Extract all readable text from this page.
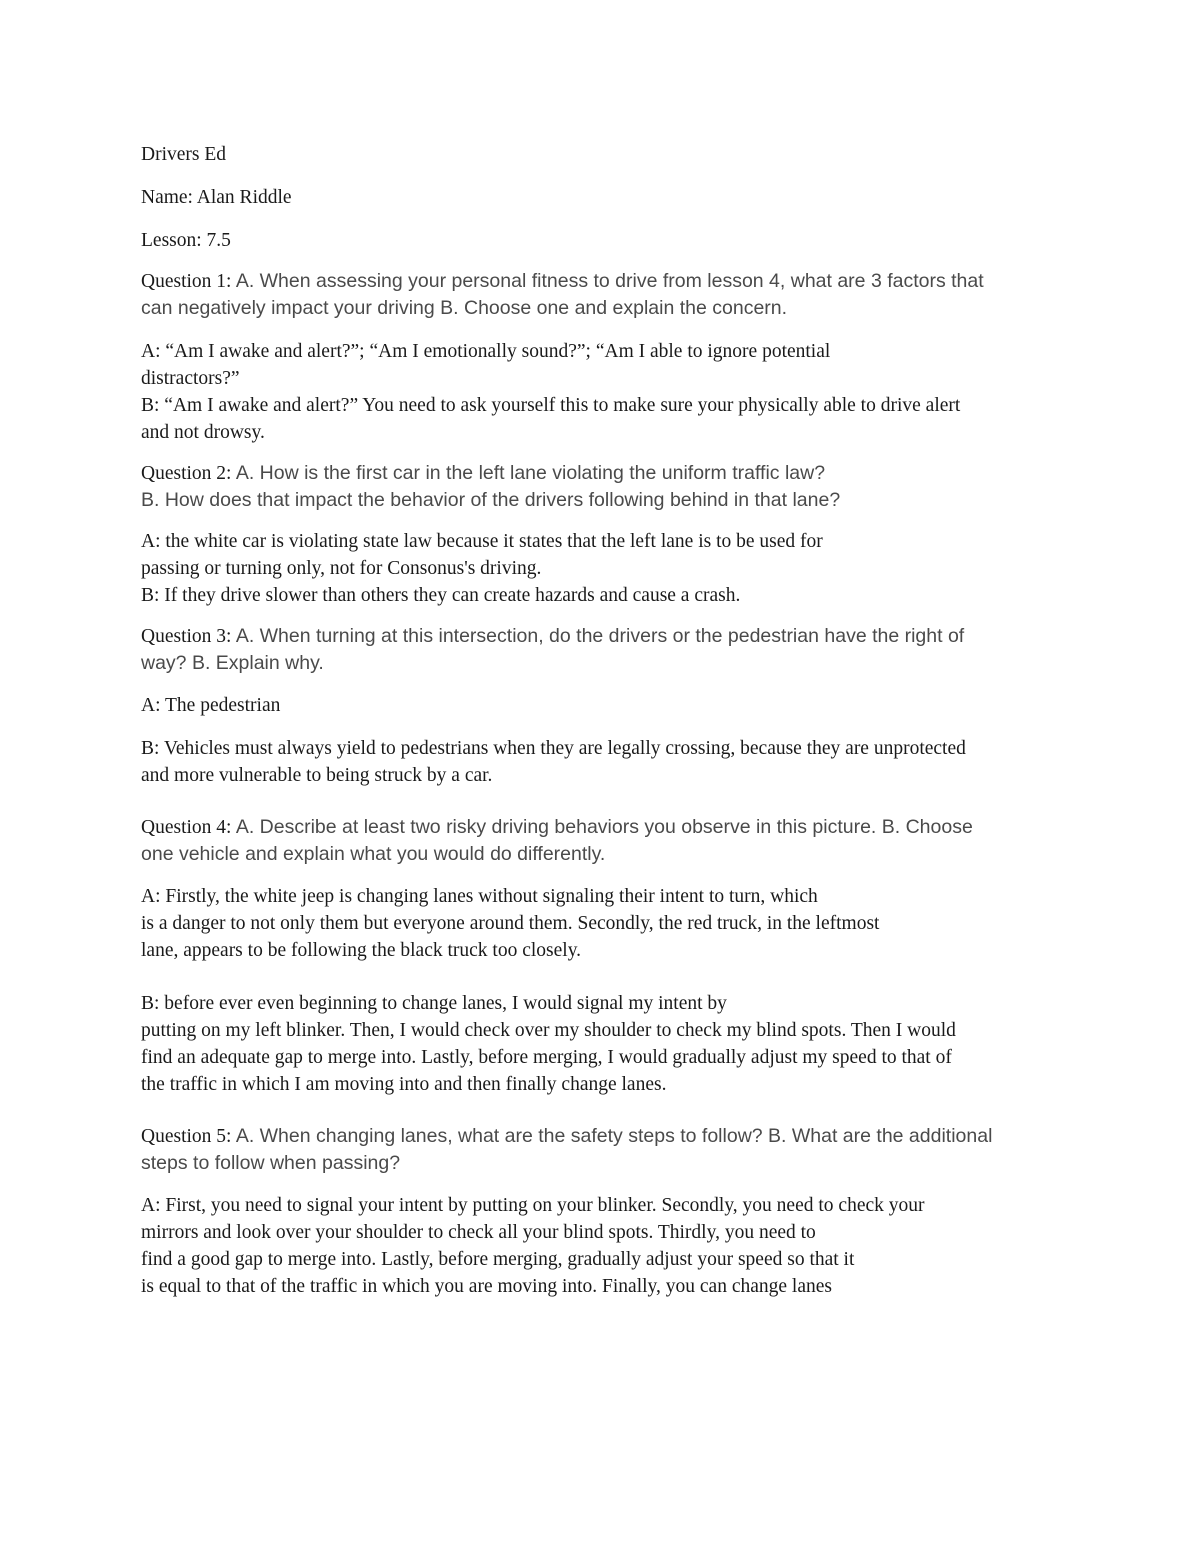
Drivers Ed
Name: Alan Riddle
Lesson: 7.5
Question 1: A. When assessing your personal fitness to drive from lesson 4, what are 3 factors that
can negatively impact your driving B. Choose one and explain the concern.
A: “Am I awake and alert?”; “Am I emotionally sound?”; “Am I able to ignore potential
distractors?”
B: “Am I awake and alert?” You need to ask yourself this to make sure your physically able to drive alert
and not drowsy.
Question 2: A. How is the first car in the left lane violating the uniform traffic law?
B. How does that impact the behavior of the drivers following behind in that lane?
A: the white car is violating state law because it states that the left lane is to be used for
passing or turning only, not for Consonus's driving.
B: If they drive slower than others they can create hazards and cause a crash.
Question 3: A. When turning at this intersection, do the drivers or the pedestrian have the right of
way? B. Explain why.
A: The pedestrian
B: Vehicles must always yield to pedestrians when they are legally crossing, because they are unprotected
and more vulnerable to being struck by a car.
Question 4: A. Describe at least two risky driving behaviors you observe in this picture. B. Choose
one vehicle and explain what you would do differently.
A: Firstly, the white jeep is changing lanes without signaling their intent to turn, which
is a danger to not only them but everyone around them. Secondly, the red truck, in the leftmost
lane, appears to be following the black truck too closely.
B: before ever even beginning to change lanes, I would signal my intent by
putting on my left blinker. Then, I would check over my shoulder to check my blind spots. Then I would
find an adequate gap to merge into. Lastly, before merging, I would gradually adjust my speed to that of
the traffic in which I am moving into and then finally change lanes.
Question 5: A. When changing lanes, what are the safety steps to follow? B. What are the additional
steps to follow when passing?
A: First, you need to signal your intent by putting on your blinker. Secondly, you need to check your
mirrors and look over your shoulder to check all your blind spots. Thirdly, you need to
find a good gap to merge into. Lastly, before merging, gradually adjust your speed so that it
is equal to that of the traffic in which you are moving into. Finally, you can change lanes
